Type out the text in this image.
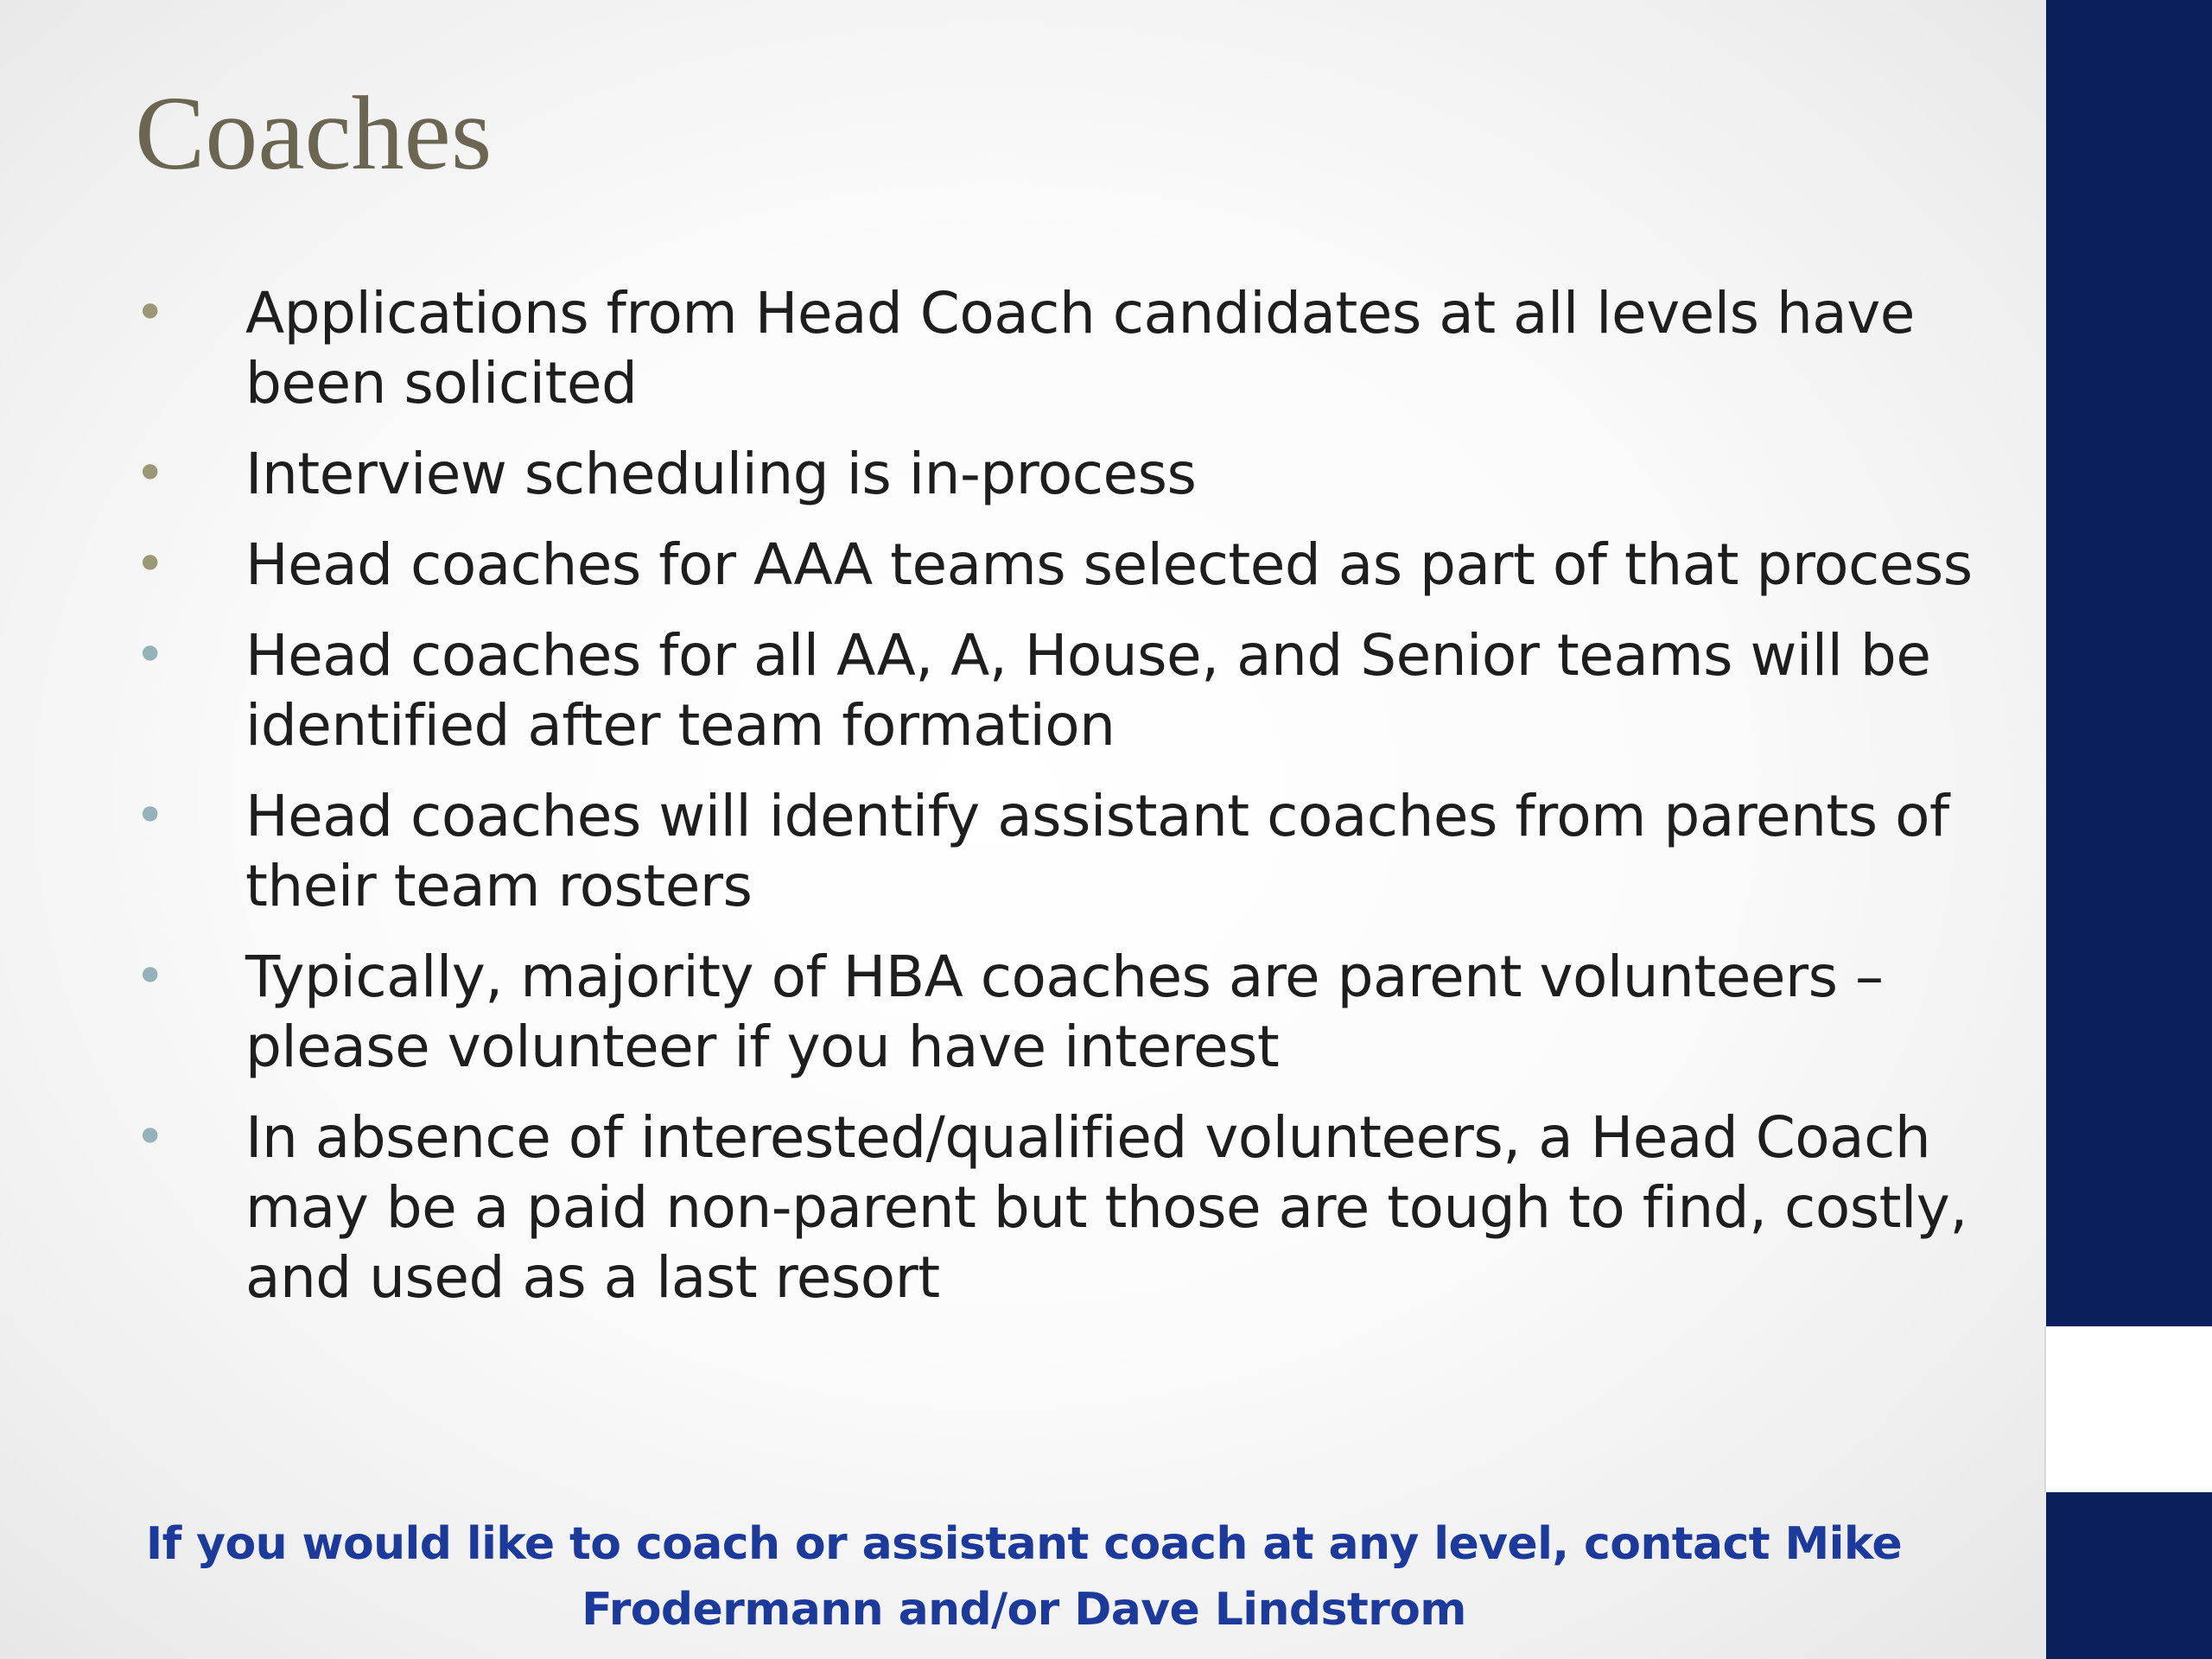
Coaches
•	Applications from Head Coach candidates at all levels have been solicited
•	Interview scheduling is in-process
•	Head coaches for AAA teams selected as part of that process
•	Head coaches for all AA, A, House, and Senior teams will be identified after team formation
•	Head coaches will identify assistant coaches from parents of their team rosters
•	Typically, majority of HBA coaches are parent volunteers – please volunteer if you have interest
•	In absence of interested/qualified volunteers, a Head Coach may be a paid non-parent but those are tough to find, costly, and used as a last resort

If you would like to coach or assistant coach at any level, contact Mike Frodermann and/or Dave Lindstrom
